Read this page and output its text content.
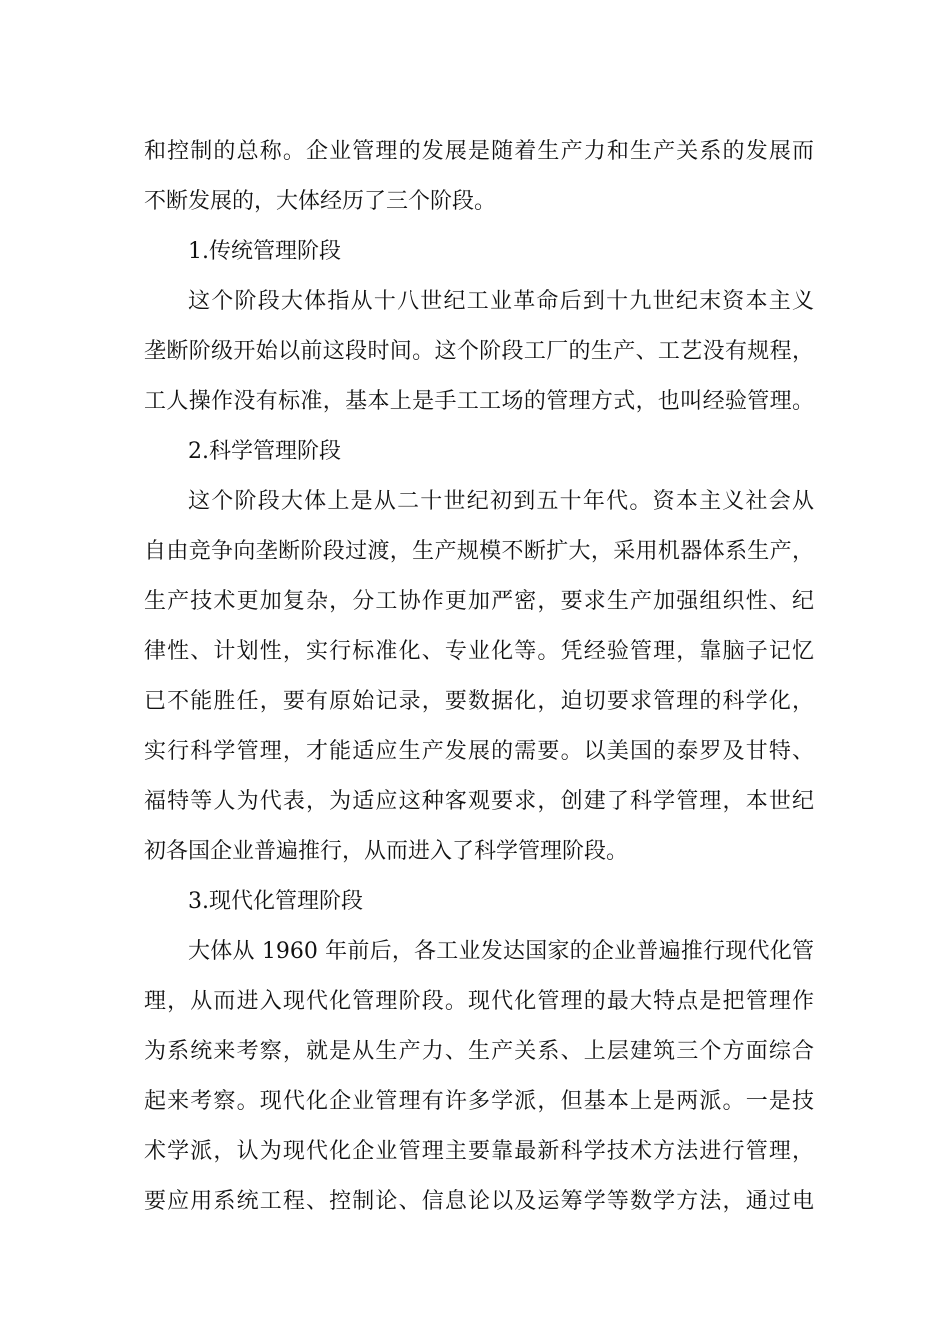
和控制的总称。企业管理的发展是随着生产力和生产关系的发展而
不断发展的，大体经历了三个阶段。
1.传统管理阶段
这个阶段大体指从十八世纪工业革命后到十九世纪末资本主义
垄断阶级开始以前这段时间。这个阶段工厂的生产、工艺没有规程，
工人操作没有标准，基本上是手工工场的管理方式，也叫经验管理。
2.科学管理阶段
这个阶段大体上是从二十世纪初到五十年代。资本主义社会从
自由竞争向垄断阶段过渡，生产规模不断扩大，采用机器体系生产，
生产技术更加复杂，分工协作更加严密，要求生产加强组织性、纪
律性、计划性，实行标准化、专业化等。凭经验管理，靠脑子记忆
已不能胜任，要有原始记录，要数据化，迫切要求管理的科学化，
实行科学管理，才能适应生产发展的需要。以美国的泰罗及甘特、
福特等人为代表，为适应这种客观要求，创建了科学管理，本世纪
初各国企业普遍推行，从而进入了科学管理阶段。
3.现代化管理阶段
大体从 1960 年前后，各工业发达国家的企业普遍推行现代化管
理，从而进入现代化管理阶段。现代化管理的最大特点是把管理作
为系统来考察，就是从生产力、生产关系、上层建筑三个方面综合
起来考察。现代化企业管理有许多学派，但基本上是两派。一是技
术学派，认为现代化企业管理主要靠最新科学技术方法进行管理，
要应用系统工程、控制论、信息论以及运筹学等数学方法，通过电
